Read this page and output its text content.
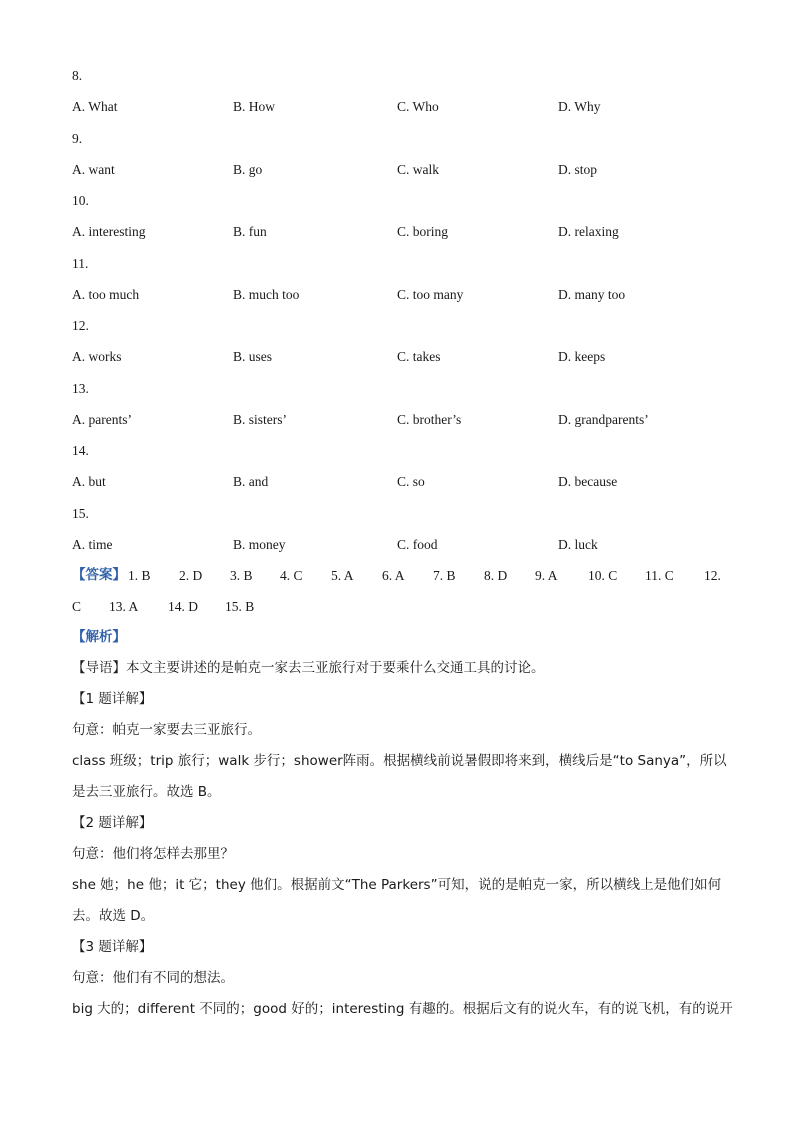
8.
A. What	B. How	C. Who	D. Why
9.
A. want	B. go	C. walk	D. stop
10.
A. interesting	B. fun	C. boring	D. relaxing
11.
A. too much	B. much too	C. too many	D. many too
12.
A. works	B. uses	C. takes	D. keeps
13.
A. parents’	B. sisters’	C. brother’s	D. grandparents’
14.
A. but	B. and	C. so	D. because
15.
A. time	B. money	C. food	D. luck
【答案】 1. B 2. D 3. B 4. C 5. A 6. A 7. B 8. D 9. A 10. C 11. C 12.
C 13. A 14. D 15. B
【解析】
【导语】本文主要讲述的是帕克一家去三亚旅行对于要乘什么交通工具的讨论。
【1 题详解】
句意：帕克一家要去三亚旅行。
class 班级；trip 旅行；walk 步行；shower阵雨。根据横线前说暑假即将来到，横线后是“to Sanya”，所以
是去三亚旅行。故选 B。
【2 题详解】
句意：他们将怎样去那里？
she 她；he 他；it 它；they 他们。根据前文“The Parkers”可知，说的是帕克一家，所以横线上是他们如何
去。故选 D。
【3 题详解】
句意：他们有不同的想法。
big 大的；different 不同的；good 好的；interesting 有趣的。根据后文有的说火车，有的说飞机，有的说开
